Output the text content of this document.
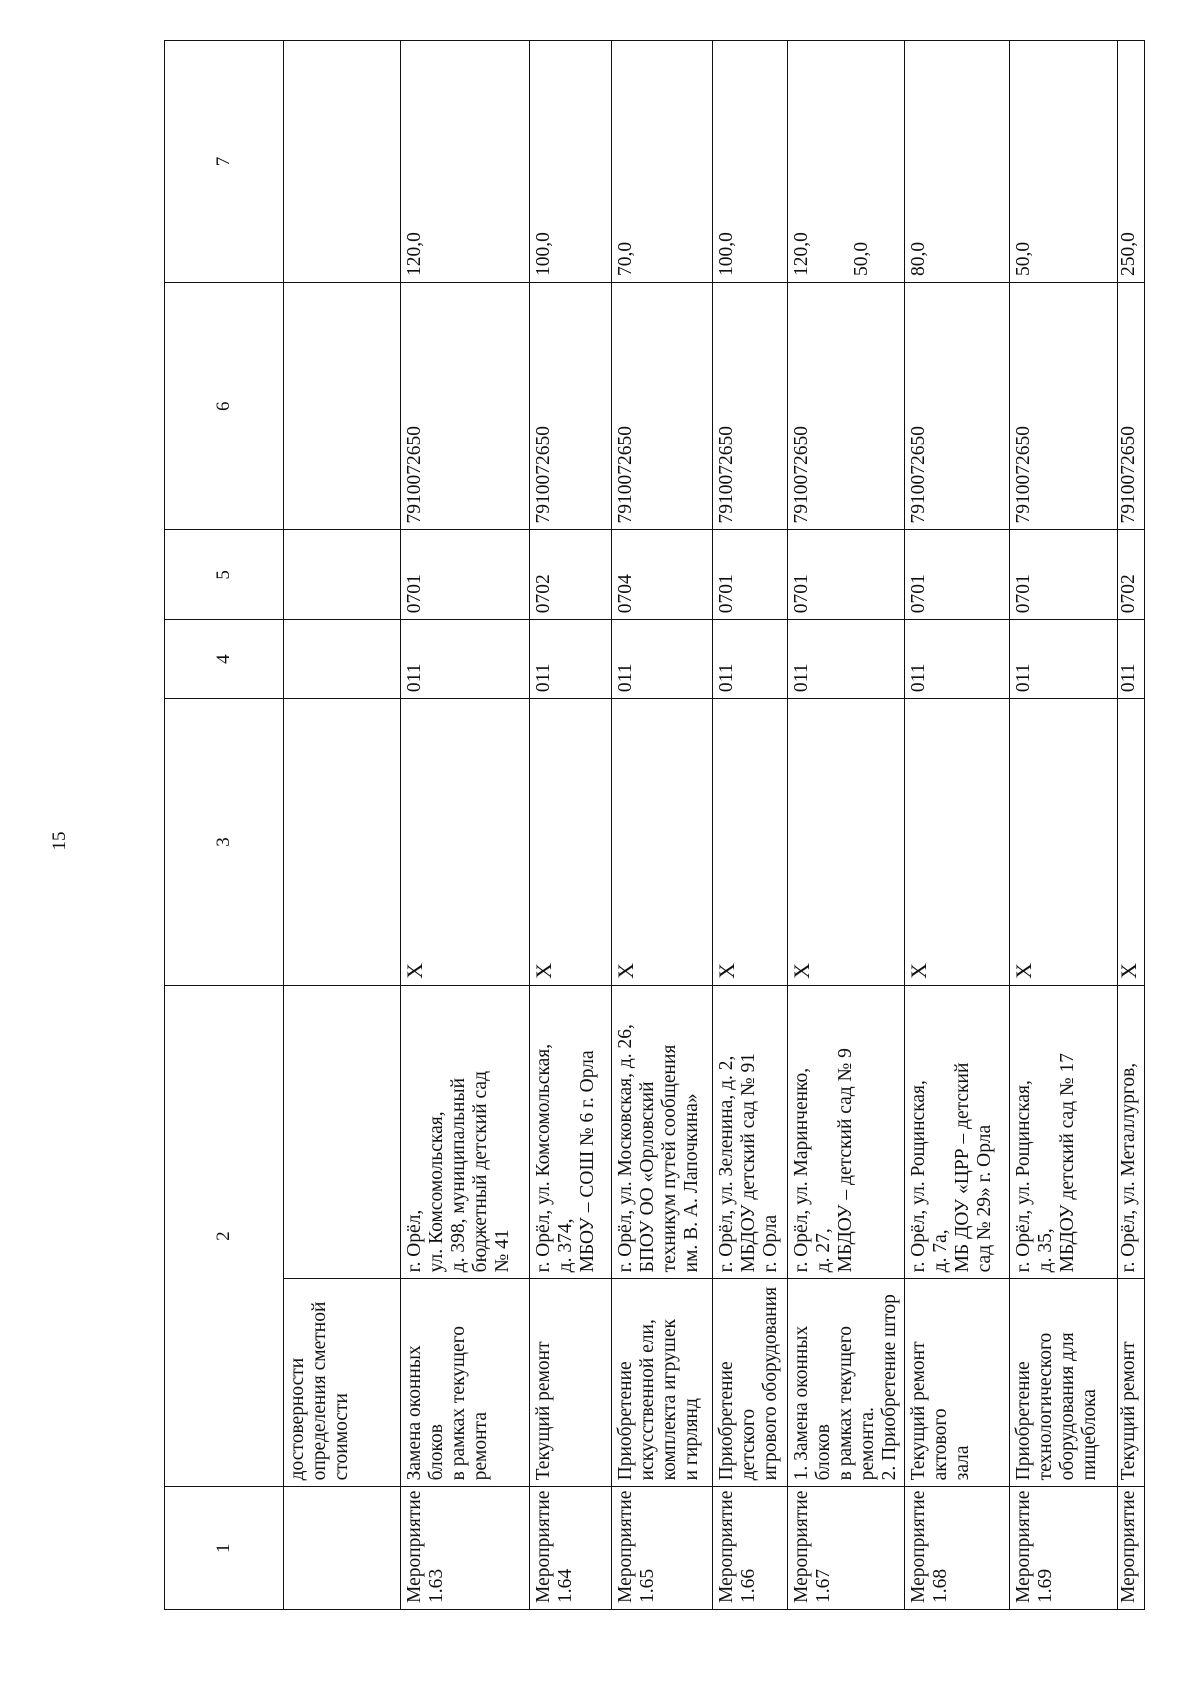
15
1	2		3	4	5	6	7
	достоверности
определения сметной
стоимости						
Мероприятие
1.63	Замена оконных блоков
в рамках текущего
ремонта	г. Орёл,
ул. Комсомольская,
д. 398, муниципальный
бюджетный детский сад
№ 41	X	011	0701	7910072650	120,0
Мероприятие
1.64	Текущий ремонт	г. Орёл, ул. Комсомольская,
д. 374,
МБОУ – СОШ № 6 г. Орла	X	011	0702	7910072650	100,0
Мероприятие
1.65	Приобретение
искусственной ели,
комплекта игрушек
и гирлянд	г. Орёл, ул. Московская, д. 26,
БПОУ ОО «Орловский
техникум путей сообщения
им. В. А. Лапочкина»	X	011	0704	7910072650	70,0
Мероприятие
1.66	Приобретение детского
игрового оборудования	г. Орёл, ул. Зеленина, д. 2,
МБДОУ детский сад № 91
г. Орла	X	011	0701	7910072650	100,0
Мероприятие
1.67	1. Замена оконных блоков
в рамках текущего
ремонта.
2. Приобретение штор	г. Орёл, ул. Маринченко,
д. 27,
МБДОУ – детский сад № 9	X	011	0701	7910072650	120,0 50,0

Мероприятие
1.68	Текущий ремонт актового
зала	г. Орёл, ул. Рощинская,
д. 7а,
МБ ДОУ «ЦРР – детский
сад № 29» г. Орла	X	011	0701	7910072650	80,0
Мероприятие
1.69	Приобретение
технологического
оборудования для
пищеблока	г. Орёл, ул. Рощинская,
д. 35,
МБДОУ детский сад № 17	X	011	0701	7910072650	50,0
Мероприятие	Текущий ремонт	г. Орёл, ул. Металлургов,	X	011	0702	7910072650	250,0
